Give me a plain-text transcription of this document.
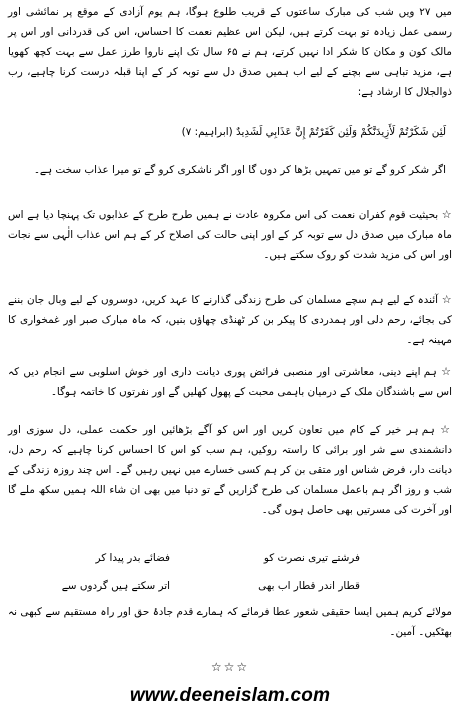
میں ۲۷ ویں شب کی مبارک ساعتوں کے قریب طلوع ہوگا، ہم یوم آزادی کے موقع پر نمائشی اور رسمی عمل زیادہ تو بہت کرتے ہیں، لیکن اس عظیم نعمت کا احساس، اس کی قدردانی اور اس پر مالک کون و مکان کا شکر ادا نہیں کرتے، ہم نے ۶۵ سال تک اپنے ناروا طرز عمل سے بہت کچھ کھویا ہے، مزید تباہی سے بچنے کے لیے اب ہمیں صدق دل سے توبہ کر کے اپنا قبلہ درست کرنا چاہیے، رب ذوالجلال کا ارشاد ہے:

لَئِن شَكَرْتُمْ لَأَزِيدَنَّكُمْ وَلَئِن كَفَرْتُمْ إِنَّ عَذَابِي لَشَدِيدٌ (ابراہیم: ۷)

اگر شکر کرو گے تو میں تمہیں بڑھا کر دوں گا اور اگر ناشکری کرو گے تو میرا عذاب سخت ہے۔

☆ بحیثیت قوم کفران نعمت کی اس مکروہ عادت نے ہمیں طرح طرح کے عذابوں تک پہنچا دیا ہے اس ماہ مبارک میں صدق دل سے توبہ کر کے اور اپنی حالت کی اصلاح کر کے ہم اس عذاب الٰہی سے نجات اور اس کی مزید شدت کو روک سکتے ہیں۔

☆ آئندہ کے لیے ہم سچے مسلمان کی طرح زندگی گذارنے کا عہد کریں، دوسروں کے لیے وبال جان بننے کی بجائے، رحم دلی اور ہمدردی کا پیکر بن کر ٹھنڈی چھاؤں بنیں، کہ ماہ مبارک صبر اور غمخواری کا مہینہ ہے۔

☆ ہم اپنے دینی، معاشرتی اور منصبی فرائض پوری دیانت داری اور خوش اسلوبی سے انجام دیں کہ اس سے باشندگان ملک کے درمیان باہمی محبت کے پھول کھلیں گے اور نفرتوں کا خاتمہ ہوگا۔

☆ ہم ہر خیر کے کام میں تعاون کریں اور اس کو آگے بڑھائیں اور حکمت عملی، دل سوزی اور دانشمندی سے شر اور برائی کا راستہ روکیں، ہم سب کو اس کا احساس کرنا چاہیے کہ رحم دل، دیانت دار، فرض شناس اور متقی بن کر ہم کسی خسارے میں نہیں رہیں گے۔ اس چند روزہ زندگی کے شب و روز اگر ہم باعمل مسلمان کی طرح گزاریں گے تو دنیا میں بھی ان شاء اللہ ہمیں سکھ ملے گا اور آخرت کی مسرتیں بھی حاصل ہوں گی۔

فضائے بدر پیدا کر	فرشتے تیری نصرت کو
اتر سکتے ہیں گردوں سے	قطار اندر قطار اب بھی

مولائے کریم ہمیں ایسا حقیقی شعور عطا فرمائے کہ ہمارے قدم جادۂ حق اور راہ مستقیم سے کبھی نہ بھٹکیں۔ آمین۔

☆☆☆
www.deeneislam.com
